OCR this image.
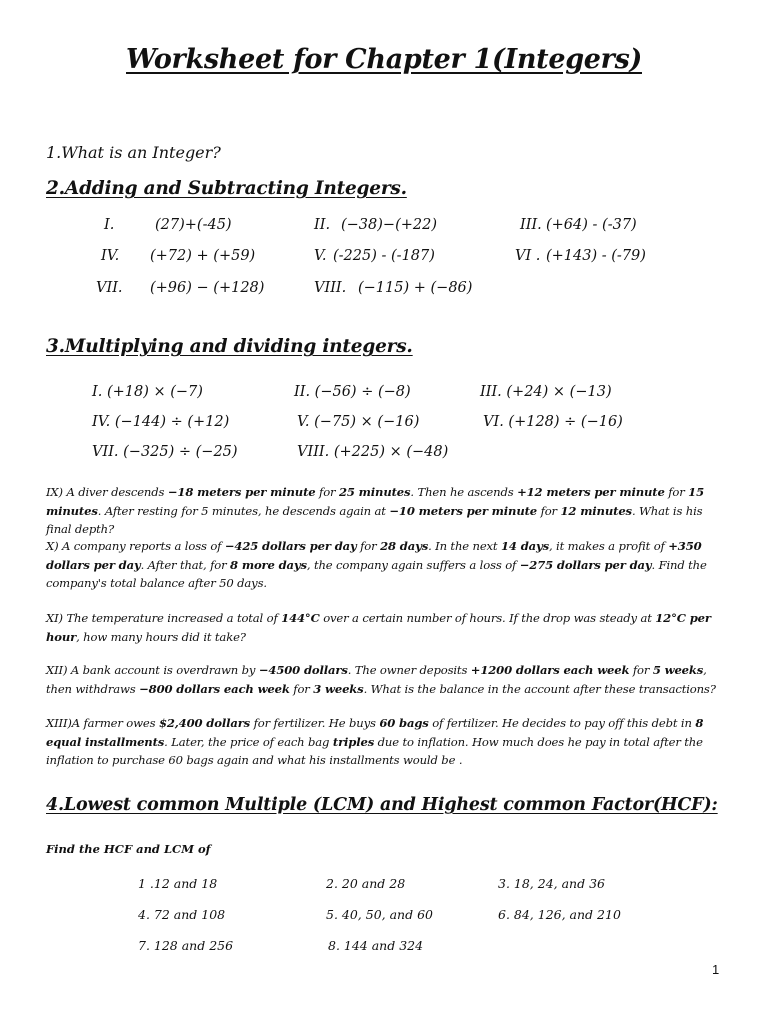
Worksheet for Chapter 1(Integers)
1.What is an Integer?
2.Adding and Subtracting Integers.
I.	(27)+(-45)	II. (−38)−(+22)	III. (+64) - (-37)
IV. (+72) + (+59)	V. (-225) - (-187)	VI . (+143) - (-79)
VII. (+96) − (+128)	VIII. (−115) + (−86)
3.Multiplying and dividing integers.
I. (+18) × (−7)	II. (−56) ÷ (−8)	III. (+24) × (−13)
IV. (−144) ÷ (+12)	V. (−75) × (−16)	VI. (+128) ÷ (−16)
VII. (−325) ÷ (−25)	VIII. (+225) × (−48)
IX) A diver descends −18 meters per minute for 25 minutes. Then he ascends +12 meters per minute for 15 minutes. After resting for 5 minutes, he descends again at −10 meters per minute for 12 minutes. What is his final depth?
X) A company reports a loss of −425 dollars per day for 28 days. In the next 14 days, it makes a profit of +350 dollars per day. After that, for 8 more days, the company again suffers a loss of −275 dollars per day. Find the company's total balance after 50 days.
XI) The temperature increased a total of 144°C over a certain number of hours. If the drop was steady at 12°C per hour, how many hours did it take?
XII) A bank account is overdrawn by −4500 dollars. The owner deposits +1200 dollars each week for 5 weeks, then withdraws −800 dollars each week for 3 weeks. What is the balance in the account after these transactions?
XIII)A farmer owes $2,400 dollars for fertilizer. He buys 60 bags of fertilizer. He decides to pay off this debt in 8 equal installments. Later, the price of each bag triples due to inflation. How much does he pay in total after the inflation to purchase 60 bags again and what his installments would be .
4.Lowest common Multiple (LCM) and Highest common Factor(HCF):
Find the HCF and LCM of
1 .12 and 18	2. 20 and 28	3. 18, 24, and 36
4. 72 and 108	5. 40, 50, and 60	6. 84, 126, and 210
7. 128 and 256	8. 144 and 324
1
